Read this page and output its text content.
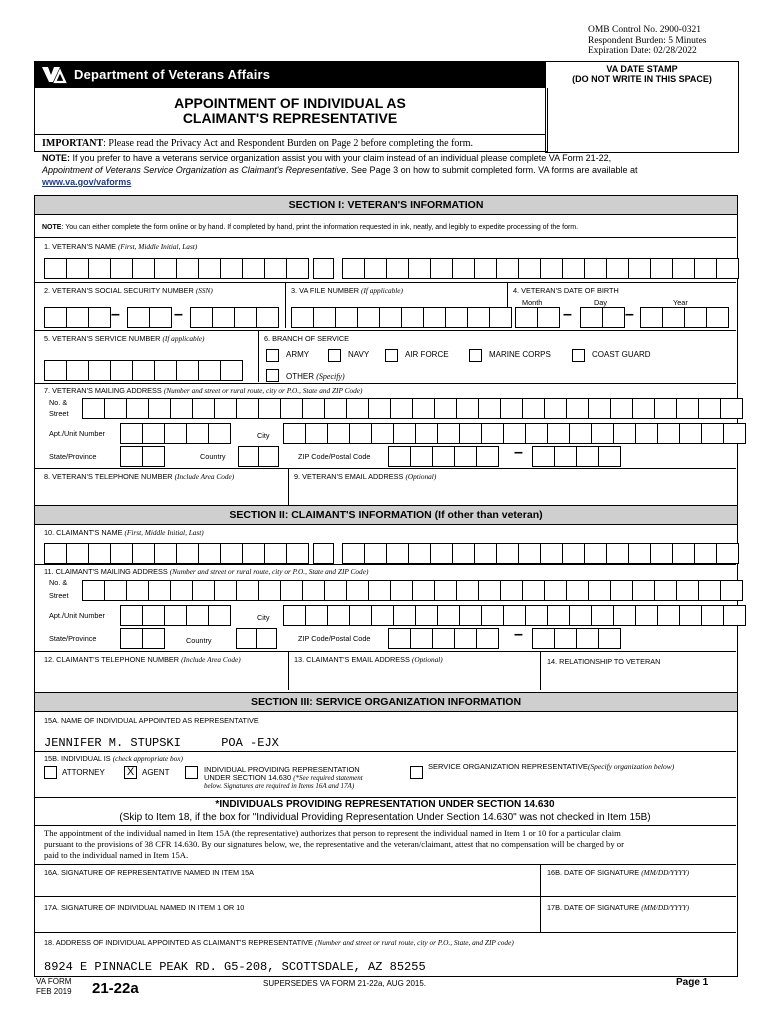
OMB Control No. 2900-0321
Respondent Burden: 5 Minutes
Expiration Date: 02/28/2022
Department of Veterans Affairs	VA DATE STAMP
(DO NOT WRITE IN THIS SPACE)
APPOINTMENT OF INDIVIDUAL AS
CLAIMANT'S REPRESENTATIVE
IMPORTANT: Please read the Privacy Act and Respondent Burden on Page 2 before completing the form.
NOTE: If you prefer to have a veterans service organization assist you with your claim instead of an individual please complete VA Form 21-22,
Appointment of Veterans Service Organization as Claimant's Representative. See Page 3 on how to submit completed form. VA forms are available at
www.va.gov/vaforms
SECTION I: VETERAN'S INFORMATION
NOTE: You can either complete the form online or by hand. If completed by hand, print the information requested in ink, neatly, and legibly to expedite processing of the form.
1. VETERAN'S NAME (First, Middle Initial, Last)
2. VETERAN'S SOCIAL SECURITY NUMBER (SSN)	3. VA FILE NUMBER (If applicable)	4. VETERAN'S DATE OF BIRTH
Month	Day	Year
–	–	–	–
5. VETERAN'S SERVICE NUMBER (If applicable)	6. BRANCH OF SERVICE
ARMY	NAVY	AIR FORCE	MARINE CORPS	COAST GUARD
OTHER (Specify)
7. VETERAN'S MAILING ADDRESS (Number and street or rural route, city or P.O., State and ZIP Code)
No. &
Street
Apt./Unit Number	City
State/Province	Country	ZIP Code/Postal Code	–
8. VETERAN'S TELEPHONE NUMBER (Include Area Code)	9. VETERAN'S EMAIL ADDRESS (Optional)
SECTION II: CLAIMANT'S INFORMATION (If other than veteran)
10. CLAIMANT'S NAME (First, Middle Initial, Last)
11. CLAIMANT'S MAILING ADDRESS (Number and street or rural route, city or P.O., State and ZIP Code)
No. &
Street
Apt./Unit Number	City
State/Province	Country	ZIP Code/Postal Code	–
12. CLAIMANT'S TELEPHONE NUMBER (Include Area Code)	13. CLAIMANT'S EMAIL ADDRESS (Optional)	14. RELATIONSHIP TO VETERAN
SECTION III: SERVICE ORGANIZATION INFORMATION
15A. NAME OF INDIVIDUAL APPOINTED AS REPRESENTATIVE
JENNIFER M. STUPSKI	POA -EJX
15B. INDIVIDUAL IS (check appropriate box)
ATTORNEY X AGENT	INDIVIDUAL PROVIDING REPRESENTATION
UNDER SECTION 14.630 (*See required statement
below. Signatures are required in Items 16A and 17A)
SERVICE ORGANIZATION REPRESENTATIVE(Specify organization below)
*INDIVIDUALS PROVIDING REPRESENTATION UNDER SECTION 14.630
(Skip to Item 18, if the box for "Individual Providing Representation Under Section 14.630" was not checked in Item 15B)
The appointment of the individual named in Item 15A (the representative) authorizes that person to represent the individual named in Item 1 or 10 for a particular claim
pursuant to the provisions of 38 CFR 14.630. By our signatures below, we, the representative and the veteran/claimant, attest that no compensation will be charged by or
paid to the individual named in Item 15A.
16A. SIGNATURE OF REPRESENTATIVE NAMED IN ITEM 15A	16B. DATE OF SIGNATURE (MM/DD/YYYY)
17A. SIGNATURE OF INDIVIDUAL NAMED IN ITEM 1 OR 10	17B. DATE OF SIGNATURE (MM/DD/YYYY)
18. ADDRESS OF INDIVIDUAL APPOINTED AS CLAIMANT'S REPRESENTATIVE (Number and street or rural route, city or P.O., State, and ZIP code)
8924 E PINNACLE PEAK RD. G5-208, SCOTTSDALE, AZ 85255
VA FORM
FEB 2019 21-22a	SUPERSEDES VA FORM 21-22a, AUG 2015.	Page 1
